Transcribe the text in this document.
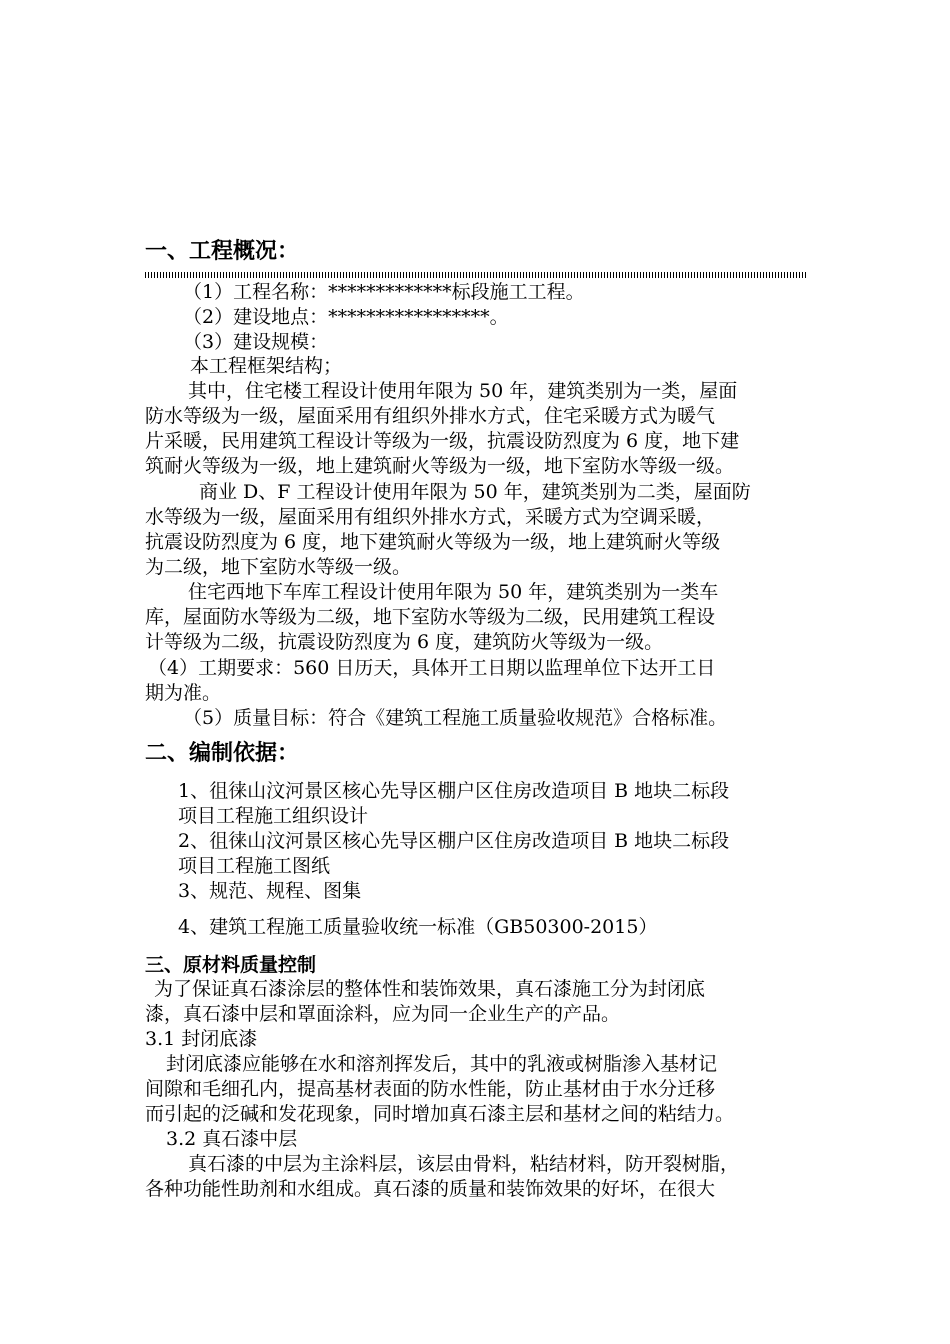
一、工程概况：
（1）工程名称：*************标段施工工程。
（2）建设地点：*****************。
（3）建设规模：
本工程框架结构；
其中，住宅楼工程设计使用年限为 50 年，建筑类别为一类，屋面
防水等级为一级，屋面采用有组织外排水方式，住宅采暖方式为暖气
片采暖，民用建筑工程设计等级为一级，抗震设防烈度为 6 度，地下建
筑耐火等级为一级，地上建筑耐火等级为一级，地下室防水等级一级。
商业 D、F 工程设计使用年限为 50 年，建筑类别为二类，屋面防
水等级为一级，屋面采用有组织外排水方式，采暖方式为空调采暖，
抗震设防烈度为 6 度，地下建筑耐火等级为一级，地上建筑耐火等级
为二级，地下室防水等级一级。
住宅西地下车库工程设计使用年限为 50 年，建筑类别为一类车
库，屋面防水等级为二级，地下室防水等级为二级，民用建筑工程设
计等级为二级，抗震设防烈度为 6 度，建筑防火等级为一级。
（4）工期要求：560 日历天，具体开工日期以监理单位下达开工日
期为准。
（5）质量目标：符合《建筑工程施工质量验收规范》合格标准。
二、编制依据：
1、徂徕山汶河景区核心先导区棚户区住房改造项目 B 地块二标段
项目工程施工组织设计
2、徂徕山汶河景区核心先导区棚户区住房改造项目 B 地块二标段
项目工程施工图纸
3、规范、规程、图集
4、建筑工程施工质量验收统一标准（GB50300-2015）
三、原材料质量控制
为了保证真石漆涂层的整体性和装饰效果，真石漆施工分为封闭底
漆，真石漆中层和罩面涂料，应为同一企业生产的产品。
3.1 封闭底漆
封闭底漆应能够在水和溶剂挥发后，其中的乳液或树脂渗入基材记
间隙和毛细孔内，提高基材表面的防水性能，防止基材由于水分迁移
而引起的泛碱和发花现象，同时增加真石漆主层和基材之间的粘结力。
3.2 真石漆中层
真石漆的中层为主涂料层，该层由骨料，粘结材料，防开裂树脂，
各种功能性助剂和水组成。真石漆的质量和装饰效果的好坏，在很大
